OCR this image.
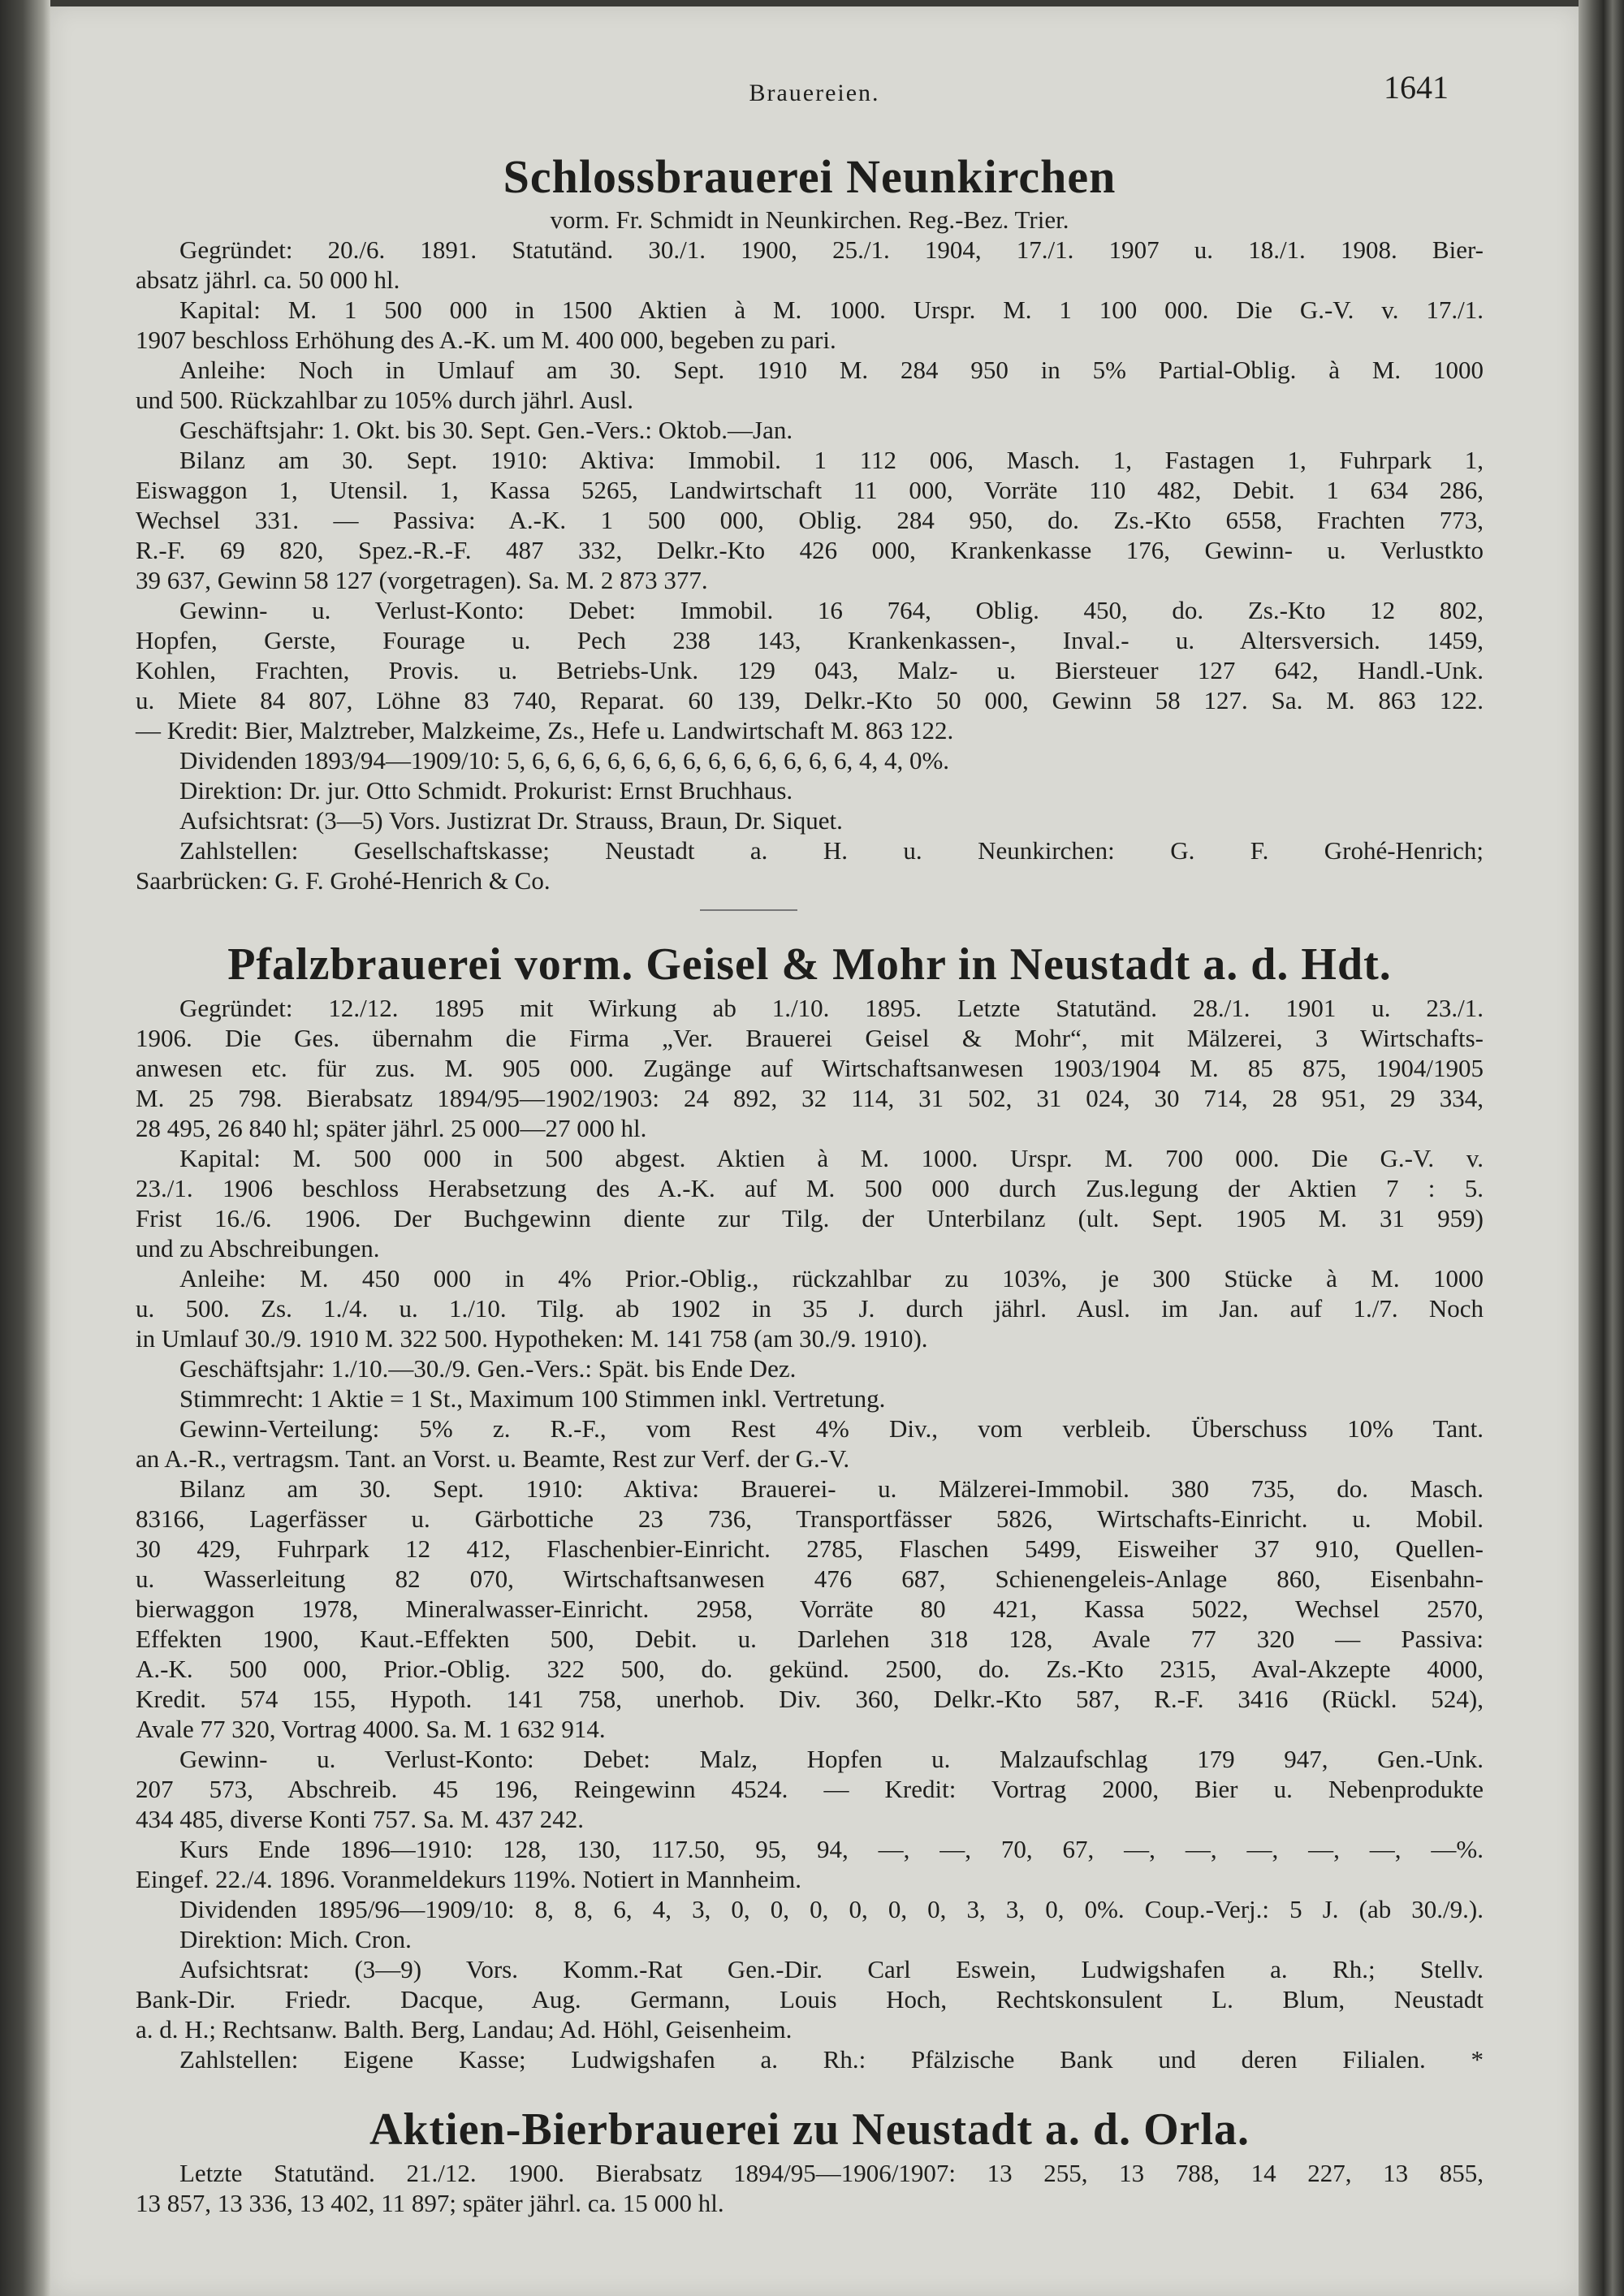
Brauereien.	1641
Schlossbrauerei Neunkirchen
vorm. Fr. Schmidt in Neunkirchen. Reg.-Bez. Trier.
Gegründet: 20./6. 1891. Statutänd. 30./1. 1900, 25./1. 1904, 17./1. 1907 u. 18./1. 1908. Bier-
absatz jährl. ca. 50 000 hl.
Kapital: M. 1 500 000 in 1500 Aktien à M. 1000. Urspr. M. 1 100 000. Die G.-V. v. 17./1.
1907 beschloss Erhöhung des A.-K. um M. 400 000, begeben zu pari.
Anleihe: Noch in Umlauf am 30. Sept. 1910 M. 284 950 in 5% Partial-Oblig. à M. 1000
und 500. Rückzahlbar zu 105% durch jährl. Ausl.
Geschäftsjahr: 1. Okt. bis 30. Sept. Gen.-Vers.: Oktob.—Jan.
Bilanz am 30. Sept. 1910: Aktiva: Immobil. 1 112 006, Masch. 1, Fastagen 1, Fuhrpark 1,
Eiswaggon 1, Utensil. 1, Kassa 5265, Landwirtschaft 11 000, Vorräte 110 482, Debit. 1 634 286,
Wechsel 331. — Passiva: A.-K. 1 500 000, Oblig. 284 950, do. Zs.-Kto 6558, Frachten 773,
R.-F. 69 820, Spez.-R.-F. 487 332, Delkr.-Kto 426 000, Krankenkasse 176, Gewinn- u. Verlustkto
39 637, Gewinn 58 127 (vorgetragen). Sa. M. 2 873 377.
Gewinn- u. Verlust-Konto: Debet: Immobil. 16 764, Oblig. 450, do. Zs.-Kto 12 802,
Hopfen, Gerste, Fourage u. Pech 238 143, Krankenkassen-, Inval.- u. Altersversich. 1459,
Kohlen, Frachten, Provis. u. Betriebs-Unk. 129 043, Malz- u. Biersteuer 127 642, Handl.-Unk.
u. Miete 84 807, Löhne 83 740, Reparat. 60 139, Delkr.-Kto 50 000, Gewinn 58 127. Sa. M. 863 122.
— Kredit: Bier, Malztreber, Malzkeime, Zs., Hefe u. Landwirtschaft M. 863 122.
Dividenden 1893/94—1909/10: 5, 6, 6, 6, 6, 6, 6, 6, 6, 6, 6, 6, 6, 6, 4, 4, 0%.
Direktion: Dr. jur. Otto Schmidt. Prokurist: Ernst Bruchhaus.
Aufsichtsrat: (3—5) Vors. Justizrat Dr. Strauss, Braun, Dr. Siquet.
Zahlstellen: Gesellschaftskasse; Neustadt a. H. u. Neunkirchen: G. F. Grohé-Henrich;
Saarbrücken: G. F. Grohé-Henrich & Co.
Pfalzbrauerei vorm. Geisel & Mohr in Neustadt a. d. Hdt.
Gegründet: 12./12. 1895 mit Wirkung ab 1./10. 1895. Letzte Statutänd. 28./1. 1901 u. 23./1.
1906. Die Ges. übernahm die Firma „Ver. Brauerei Geisel & Mohr“, mit Mälzerei, 3 Wirtschafts-
anwesen etc. für zus. M. 905 000. Zugänge auf Wirtschaftsanwesen 1903/1904 M. 85 875, 1904/1905
M. 25 798. Bierabsatz 1894/95—1902/1903: 24 892, 32 114, 31 502, 31 024, 30 714, 28 951, 29 334,
28 495, 26 840 hl; später jährl. 25 000—27 000 hl.
Kapital: M. 500 000 in 500 abgest. Aktien à M. 1000. Urspr. M. 700 000. Die G.-V. v.
23./1. 1906 beschloss Herabsetzung des A.-K. auf M. 500 000 durch Zus.legung der Aktien 7 : 5.
Frist 16./6. 1906. Der Buchgewinn diente zur Tilg. der Unterbilanz (ult. Sept. 1905 M. 31 959)
und zu Abschreibungen.
Anleihe: M. 450 000 in 4% Prior.-Oblig., rückzahlbar zu 103%, je 300 Stücke à M. 1000
u. 500. Zs. 1./4. u. 1./10. Tilg. ab 1902 in 35 J. durch jährl. Ausl. im Jan. auf 1./7. Noch
in Umlauf 30./9. 1910 M. 322 500. Hypotheken: M. 141 758 (am 30./9. 1910).
Geschäftsjahr: 1./10.—30./9. Gen.-Vers.: Spät. bis Ende Dez.
Stimmrecht: 1 Aktie = 1 St., Maximum 100 Stimmen inkl. Vertretung.
Gewinn-Verteilung: 5% z. R.-F., vom Rest 4% Div., vom verbleib. Überschuss 10% Tant.
an A.-R., vertragsm. Tant. an Vorst. u. Beamte, Rest zur Verf. der G.-V.
Bilanz am 30. Sept. 1910: Aktiva: Brauerei- u. Mälzerei-Immobil. 380 735, do. Masch.
83166, Lagerfässer u. Gärbottiche 23 736, Transportfässer 5826, Wirtschafts-Einricht. u. Mobil.
30 429, Fuhrpark 12 412, Flaschenbier-Einricht. 2785, Flaschen 5499, Eisweiher 37 910, Quellen-
u. Wasserleitung 82 070, Wirtschaftsanwesen 476 687, Schienengeleis-Anlage 860, Eisenbahn-
bierwaggon 1978, Mineralwasser-Einricht. 2958, Vorräte 80 421, Kassa 5022, Wechsel 2570,
Effekten 1900, Kaut.-Effekten 500, Debit. u. Darlehen 318 128, Avale 77 320 — Passiva:
A.-K. 500 000, Prior.-Oblig. 322 500, do. gekünd. 2500, do. Zs.-Kto 2315, Aval-Akzepte 4000,
Kredit. 574 155, Hypoth. 141 758, unerhob. Div. 360, Delkr.-Kto 587, R.-F. 3416 (Rückl. 524),
Avale 77 320, Vortrag 4000. Sa. M. 1 632 914.
Gewinn- u. Verlust-Konto: Debet: Malz, Hopfen u. Malzaufschlag 179 947, Gen.-Unk.
207 573, Abschreib. 45 196, Reingewinn 4524. — Kredit: Vortrag 2000, Bier u. Nebenprodukte
434 485, diverse Konti 757. Sa. M. 437 242.
Kurs Ende 1896—1910: 128, 130, 117.50, 95, 94, —, —, 70, 67, —, —, —, —, —, —%.
Eingef. 22./4. 1896. Voranmeldekurs 119%. Notiert in Mannheim.
Dividenden 1895/96—1909/10: 8, 8, 6, 4, 3, 0, 0, 0, 0, 0, 0, 3, 3, 0, 0%. Coup.-Verj.: 5 J. (ab 30./9.).
Direktion: Mich. Cron.
Aufsichtsrat: (3—9) Vors. Komm.-Rat Gen.-Dir. Carl Eswein, Ludwigshafen a. Rh.; Stellv.
Bank-Dir. Friedr. Dacque, Aug. Germann, Louis Hoch, Rechtskonsulent L. Blum, Neustadt
a. d. H.; Rechtsanw. Balth. Berg, Landau; Ad. Höhl, Geisenheim.
Zahlstellen: Eigene Kasse; Ludwigshafen a. Rh.: Pfälzische Bank und deren Filialen. *
Aktien-Bierbrauerei zu Neustadt a. d. Orla.
Letzte Statutänd. 21./12. 1900. Bierabsatz 1894/95—1906/1907: 13 255, 13 788, 14 227, 13 855,
13 857, 13 336, 13 402, 11 897; später jährl. ca. 15 000 hl.
